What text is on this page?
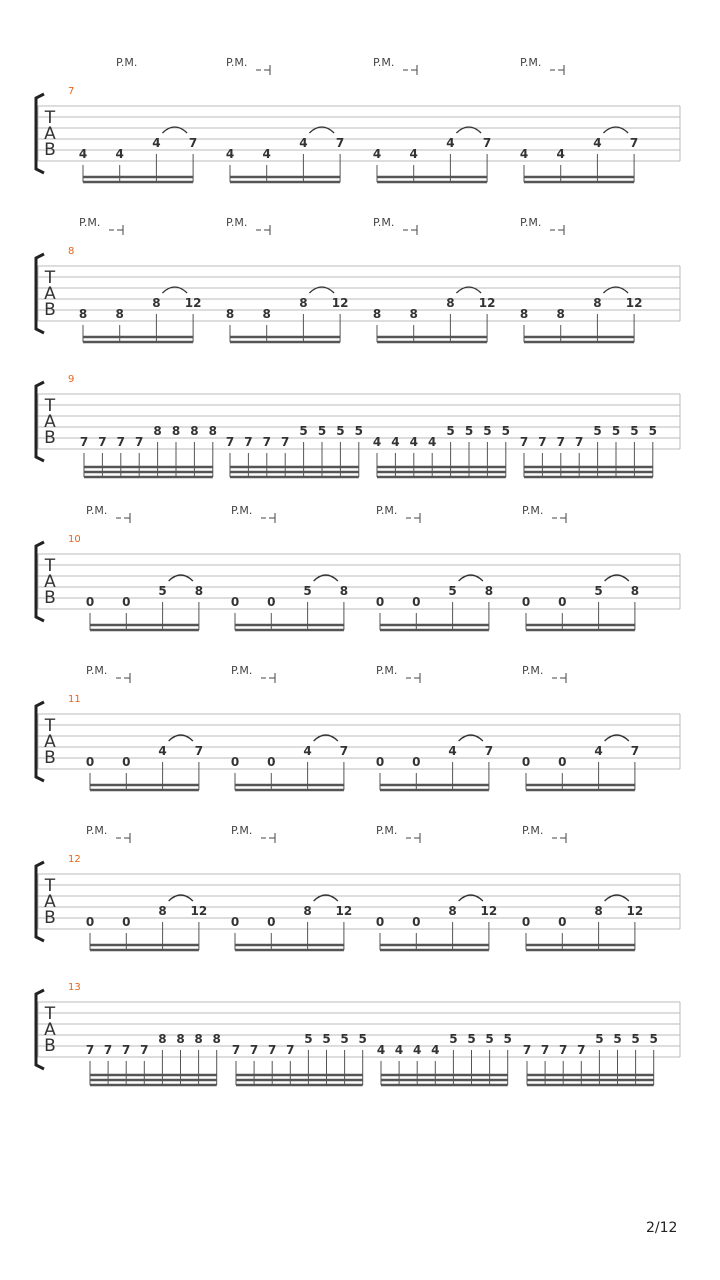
T
A
B
7
4 4
4 7
P.M.
4 4
4 7
P.M.
4 4
4 7
P.M.
4 4
4 7
P.M.
T
A
B
8
8 8
8 12
P.M.
8 8
8 12
P.M.
8 8
8 12
P.M.
8 8
8 12
P.M.
T
A
B
9
7 7 7 7
8 8 8 8
7 7 7 7
5 5 5 5
4 4 4 4
5 5 5 5
7 7 7 7
5 5 5 5
T
A
B
10
0 0
5 8
P.M.
0 0
5 8
P.M.
0 0
5 8
P.M.
0 0
5 8
P.M.
T
A
B
11
0 0
4 7
P.M.
0 0
4 7
P.M.
0 0
4 7
P.M.
0 0
4 7
P.M.
T
A
B
12
0 0
8 12
P.M.
0 0
8 12
P.M.
0 0
8 12
P.M.
0 0
8 12
P.M.
T
A
B
13
7 7 7 7
8 8 8 8
7 7 7 7
5 5 5 5
4 4 4 4
5 5 5 5
7 7 7 7
5 5 5 5
2/12
